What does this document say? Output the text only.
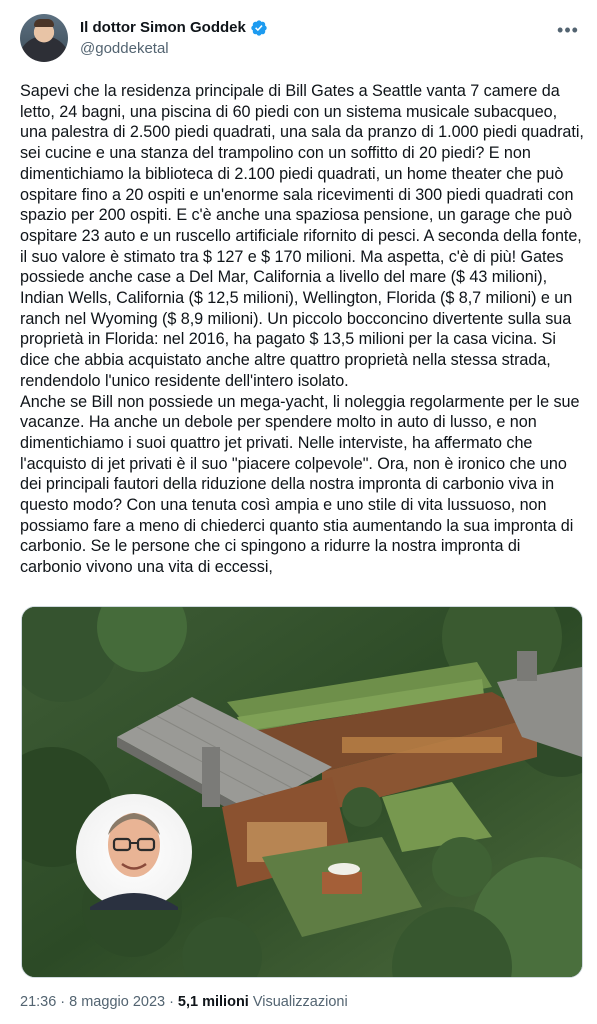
Il dottor Simon Goddek
@goddeketal
•••

Sapevi che la residenza principale di Bill Gates a Seattle vanta 7 camere da letto, 24 bagni, una piscina di 60 piedi con un sistema musicale subacqueo, una palestra di 2.500 piedi quadrati, una sala da pranzo di 1.000 piedi quadrati, sei cucine e una stanza del trampolino con un soffitto di 20 piedi? E non dimentichiamo la biblioteca di 2.100 piedi quadrati, un home theater che può ospitare fino a 20 ospiti e un'enorme sala ricevimenti di 300 piedi quadrati con spazio per 200 ospiti. E c'è anche una spaziosa pensione, un garage che può ospitare 23 auto e un ruscello artificiale rifornito di pesci. A seconda della fonte, il suo valore è stimato tra $ 127 e $ 170 milioni. Ma aspetta, c'è di più! Gates possiede anche case a Del Mar, California a livello del mare ($ 43 milioni), Indian Wells, California ($ 12,5 milioni), Wellington, Florida ($ 8,7 milioni) e un ranch nel Wyoming ($ 8,9 milioni). Un piccolo bocconcino divertente sulla sua proprietà in Florida: nel 2016, ha pagato $ 13,5 milioni per la casa vicina. Si dice che abbia acquistato anche altre quattro proprietà nella stessa strada, rendendolo l'unico residente dell'intero isolato.
Anche se Bill non possiede un mega-yacht, li noleggia regolarmente per le sue vacanze. Ha anche un debole per spendere molto in auto di lusso, e non dimentichiamo i suoi quattro jet privati. Nelle interviste, ha affermato che l'acquisto di jet privati è il suo "piacere colpevole". Ora, non è ironico che uno dei principali fautori della riduzione della nostra impronta di carbonio viva in questo modo? Con una tenuta così ampia e uno stile di vita lussuoso, non possiamo fare a meno di chiederci quanto stia aumentando la sua impronta di carbonio. Se le persone che ci spingono a ridurre la nostra impronta di carbonio vivono una vita di eccessi,

21:36 · 8 maggio 2023 · 5,1 milioni Visualizzazioni
